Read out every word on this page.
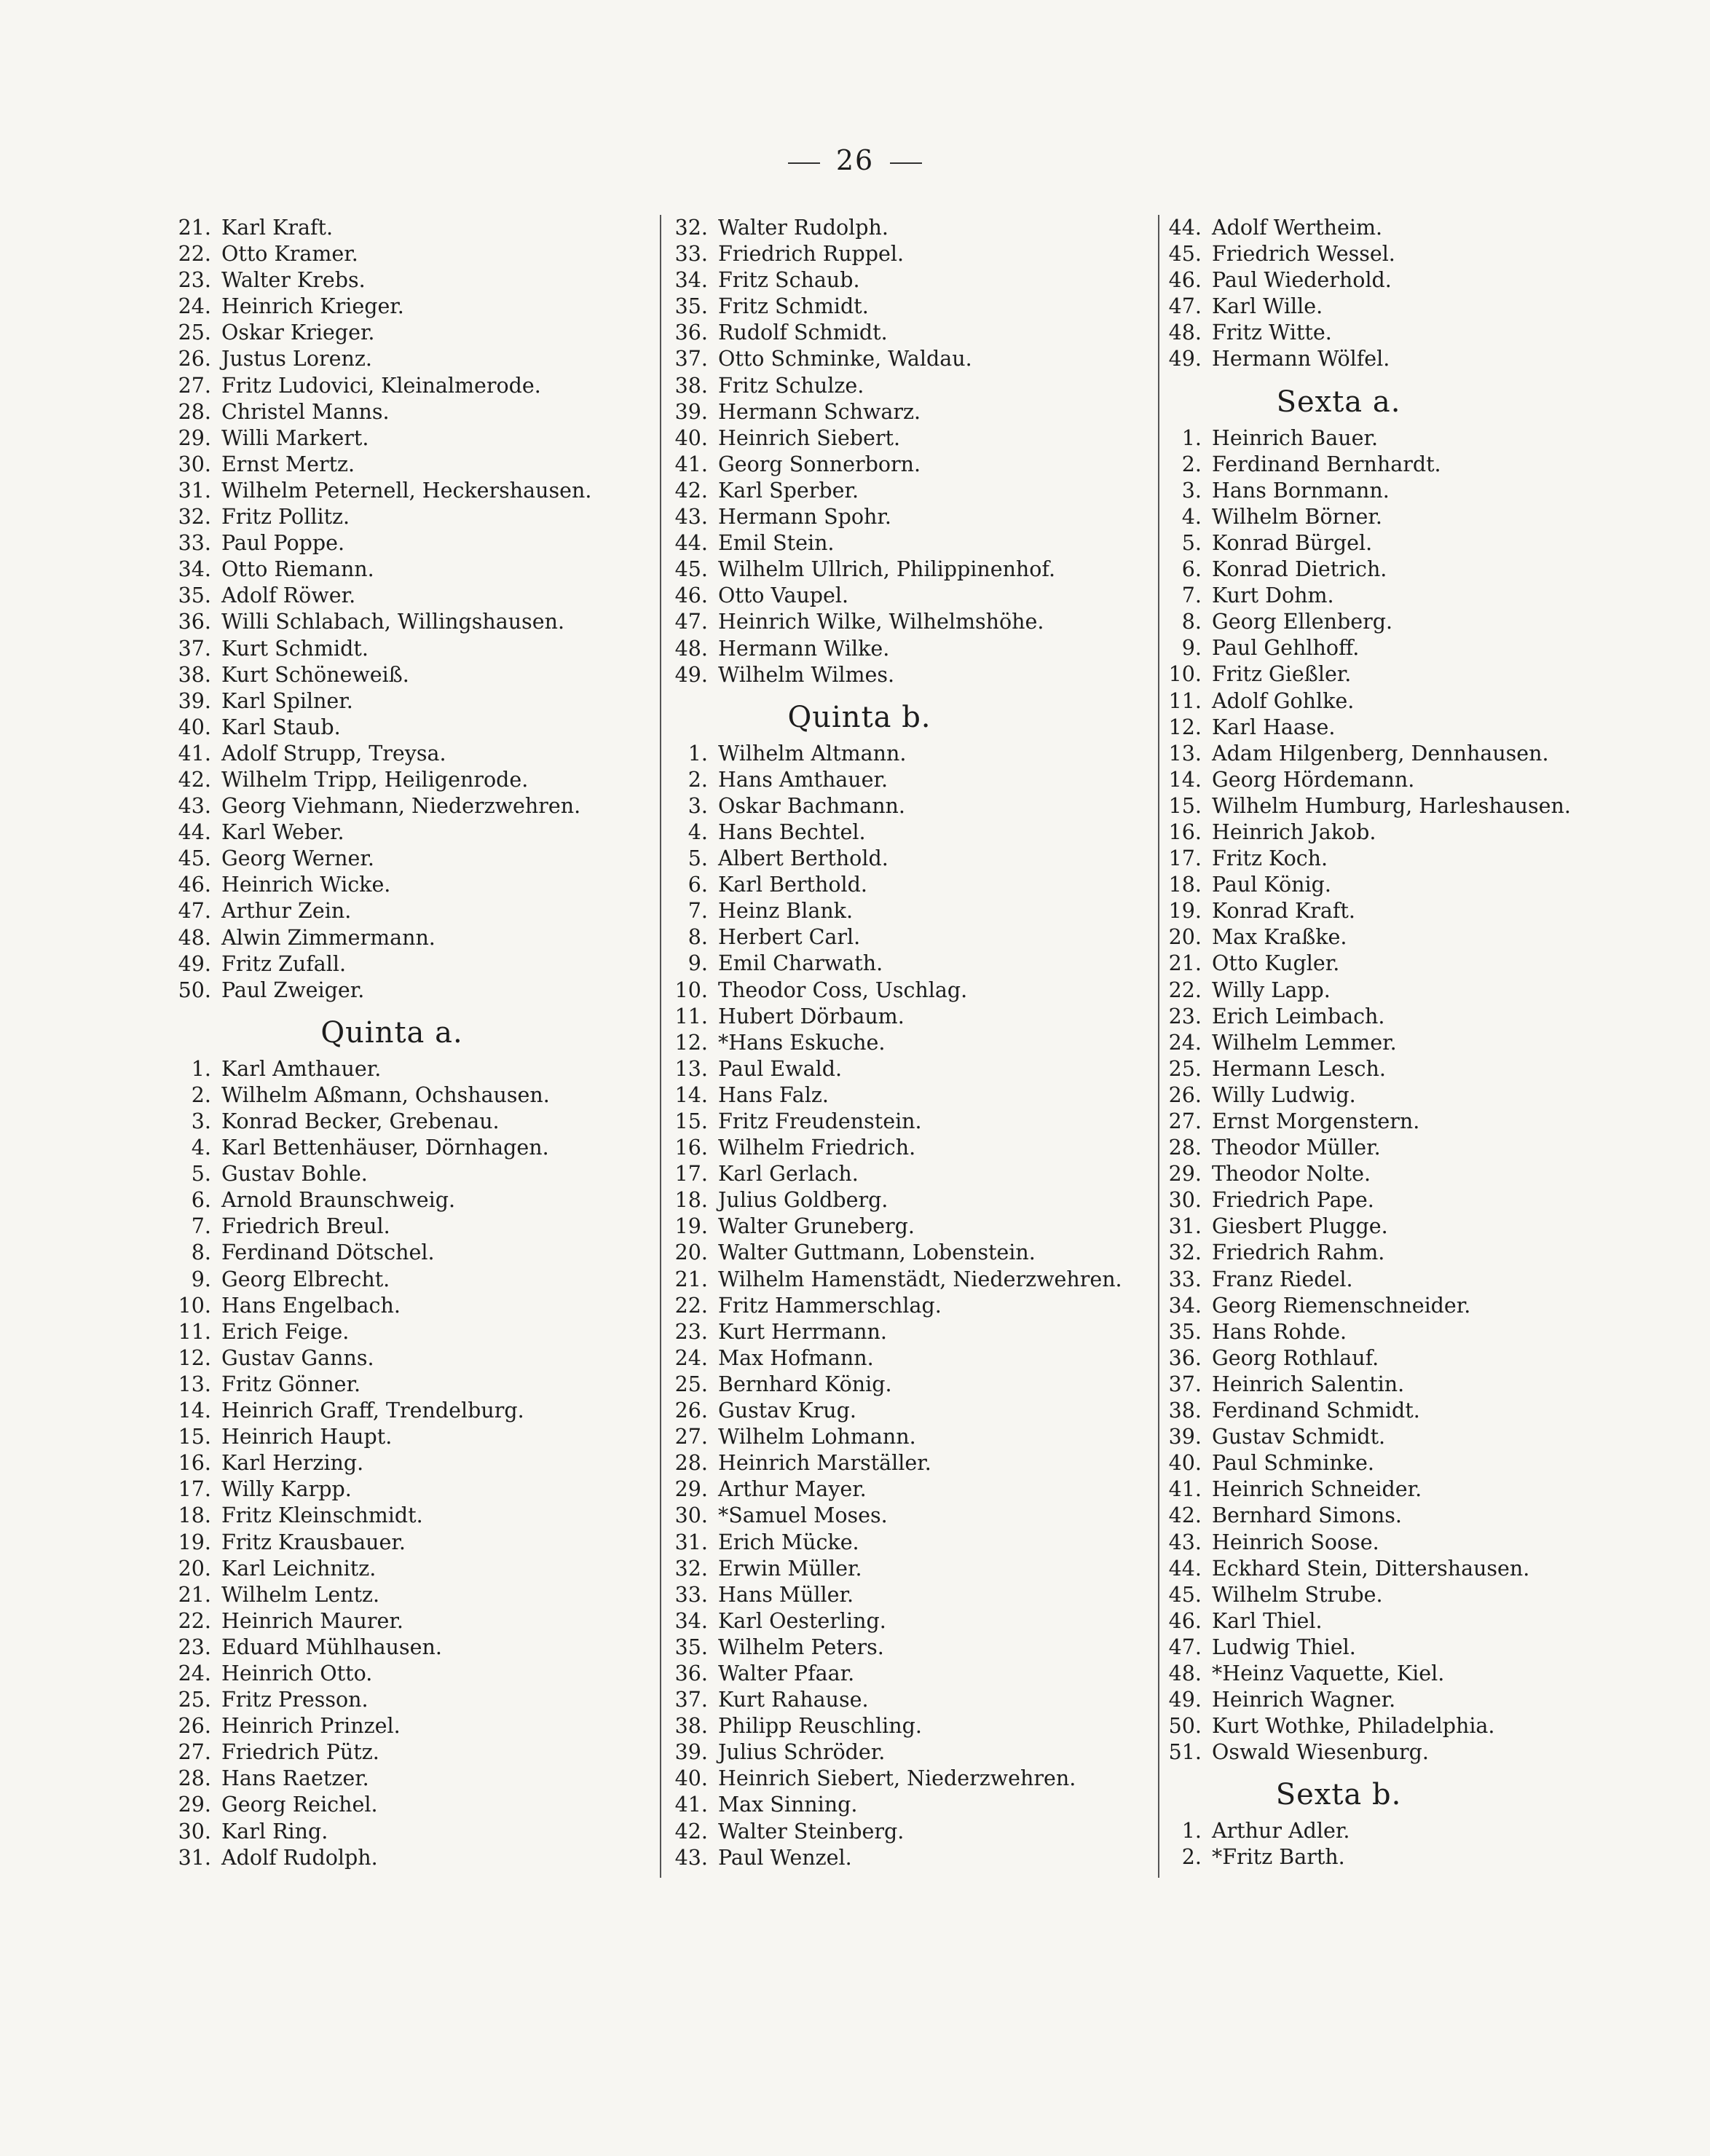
26
21. Karl Kraft.
22. Otto Kramer.
23. Walter Krebs.
24. Heinrich Krieger.
25. Oskar Krieger.
26. Justus Lorenz.
27. Fritz Ludovici, Kleinalmerode.
28. Christel Manns.
29. Willi Markert.
30. Ernst Mertz.
31. Wilhelm Peternell, Heckershausen.
32. Fritz Pollitz.
33. Paul Poppe.
34. Otto Riemann.
35. Adolf Röwer.
36. Willi Schlabach, Willingshausen.
37. Kurt Schmidt.
38. Kurt Schöneweiß.
39. Karl Spilner.
40. Karl Staub.
41. Adolf Strupp, Treysa.
42. Wilhelm Tripp, Heiligenrode.
43. Georg Viehmann, Niederzwehren.
44. Karl Weber.
45. Georg Werner.
46. Heinrich Wicke.
47. Arthur Zein.
48. Alwin Zimmermann.
49. Fritz Zufall.
50. Paul Zweiger.
Quinta a.
1. Karl Amthauer.
2. Wilhelm Aßmann, Ochshausen.
3. Konrad Becker, Grebenau.
4. Karl Bettenhäuser, Dörnhagen.
5. Gustav Bohle.
6. Arnold Braunschweig.
7. Friedrich Breul.
8. Ferdinand Dötschel.
9. Georg Elbrecht.
10. Hans Engelbach.
11. Erich Feige.
12. Gustav Ganns.
13. Fritz Gönner.
14. Heinrich Graff, Trendelburg.
15. Heinrich Haupt.
16. Karl Herzing.
17. Willy Karpp.
18. Fritz Kleinschmidt.
19. Fritz Krausbauer.
20. Karl Leichnitz.
21. Wilhelm Lentz.
22. Heinrich Maurer.
23. Eduard Mühlhausen.
24. Heinrich Otto.
25. Fritz Presson.
26. Heinrich Prinzel.
27. Friedrich Pütz.
28. Hans Raetzer.
29. Georg Reichel.
30. Karl Ring.
31. Adolf Rudolph.
32. Walter Rudolph.
33. Friedrich Ruppel.
34. Fritz Schaub.
35. Fritz Schmidt.
36. Rudolf Schmidt.
37. Otto Schminke, Waldau.
38. Fritz Schulze.
39. Hermann Schwarz.
40. Heinrich Siebert.
41. Georg Sonnerborn.
42. Karl Sperber.
43. Hermann Spohr.
44. Emil Stein.
45. Wilhelm Ullrich, Philippinenhof.
46. Otto Vaupel.
47. Heinrich Wilke, Wilhelmshöhe.
48. Hermann Wilke.
49. Wilhelm Wilmes.
Quinta b.
1. Wilhelm Altmann.
2. Hans Amthauer.
3. Oskar Bachmann.
4. Hans Bechtel.
5. Albert Berthold.
6. Karl Berthold.
7. Heinz Blank.
8. Herbert Carl.
9. Emil Charwath.
10. Theodor Coss, Uschlag.
11. Hubert Dörbaum.
12. *Hans Eskuche.
13. Paul Ewald.
14. Hans Falz.
15. Fritz Freudenstein.
16. Wilhelm Friedrich.
17. Karl Gerlach.
18. Julius Goldberg.
19. Walter Gruneberg.
20. Walter Guttmann, Lobenstein.
21. Wilhelm Hamenstädt, Niederzwehren.
22. Fritz Hammerschlag.
23. Kurt Herrmann.
24. Max Hofmann.
25. Bernhard König.
26. Gustav Krug.
27. Wilhelm Lohmann.
28. Heinrich Marställer.
29. Arthur Mayer.
30. *Samuel Moses.
31. Erich Mücke.
32. Erwin Müller.
33. Hans Müller.
34. Karl Oesterling.
35. Wilhelm Peters.
36. Walter Pfaar.
37. Kurt Rahause.
38. Philipp Reuschling.
39. Julius Schröder.
40. Heinrich Siebert, Niederzwehren.
41. Max Sinning.
42. Walter Steinberg.
43. Paul Wenzel.
44. Adolf Wertheim.
45. Friedrich Wessel.
46. Paul Wiederhold.
47. Karl Wille.
48. Fritz Witte.
49. Hermann Wölfel.
Sexta a.
1. Heinrich Bauer.
2. Ferdinand Bernhardt.
3. Hans Bornmann.
4. Wilhelm Börner.
5. Konrad Bürgel.
6. Konrad Dietrich.
7. Kurt Dohm.
8. Georg Ellenberg.
9. Paul Gehlhoff.
10. Fritz Gießler.
11. Adolf Gohlke.
12. Karl Haase.
13. Adam Hilgenberg, Dennhausen.
14. Georg Hördemann.
15. Wilhelm Humburg, Harleshausen.
16. Heinrich Jakob.
17. Fritz Koch.
18. Paul König.
19. Konrad Kraft.
20. Max Kraßke.
21. Otto Kugler.
22. Willy Lapp.
23. Erich Leimbach.
24. Wilhelm Lemmer.
25. Hermann Lesch.
26. Willy Ludwig.
27. Ernst Morgenstern.
28. Theodor Müller.
29. Theodor Nolte.
30. Friedrich Pape.
31. Giesbert Plugge.
32. Friedrich Rahm.
33. Franz Riedel.
34. Georg Riemenschneider.
35. Hans Rohde.
36. Georg Rothlauf.
37. Heinrich Salentin.
38. Ferdinand Schmidt.
39. Gustav Schmidt.
40. Paul Schminke.
41. Heinrich Schneider.
42. Bernhard Simons.
43. Heinrich Soose.
44. Eckhard Stein, Dittershausen.
45. Wilhelm Strube.
46. Karl Thiel.
47. Ludwig Thiel.
48. *Heinz Vaquette, Kiel.
49. Heinrich Wagner.
50. Kurt Wothke, Philadelphia.
51. Oswald Wiesenburg.
Sexta b.
1. Arthur Adler.
2. *Fritz Barth.
